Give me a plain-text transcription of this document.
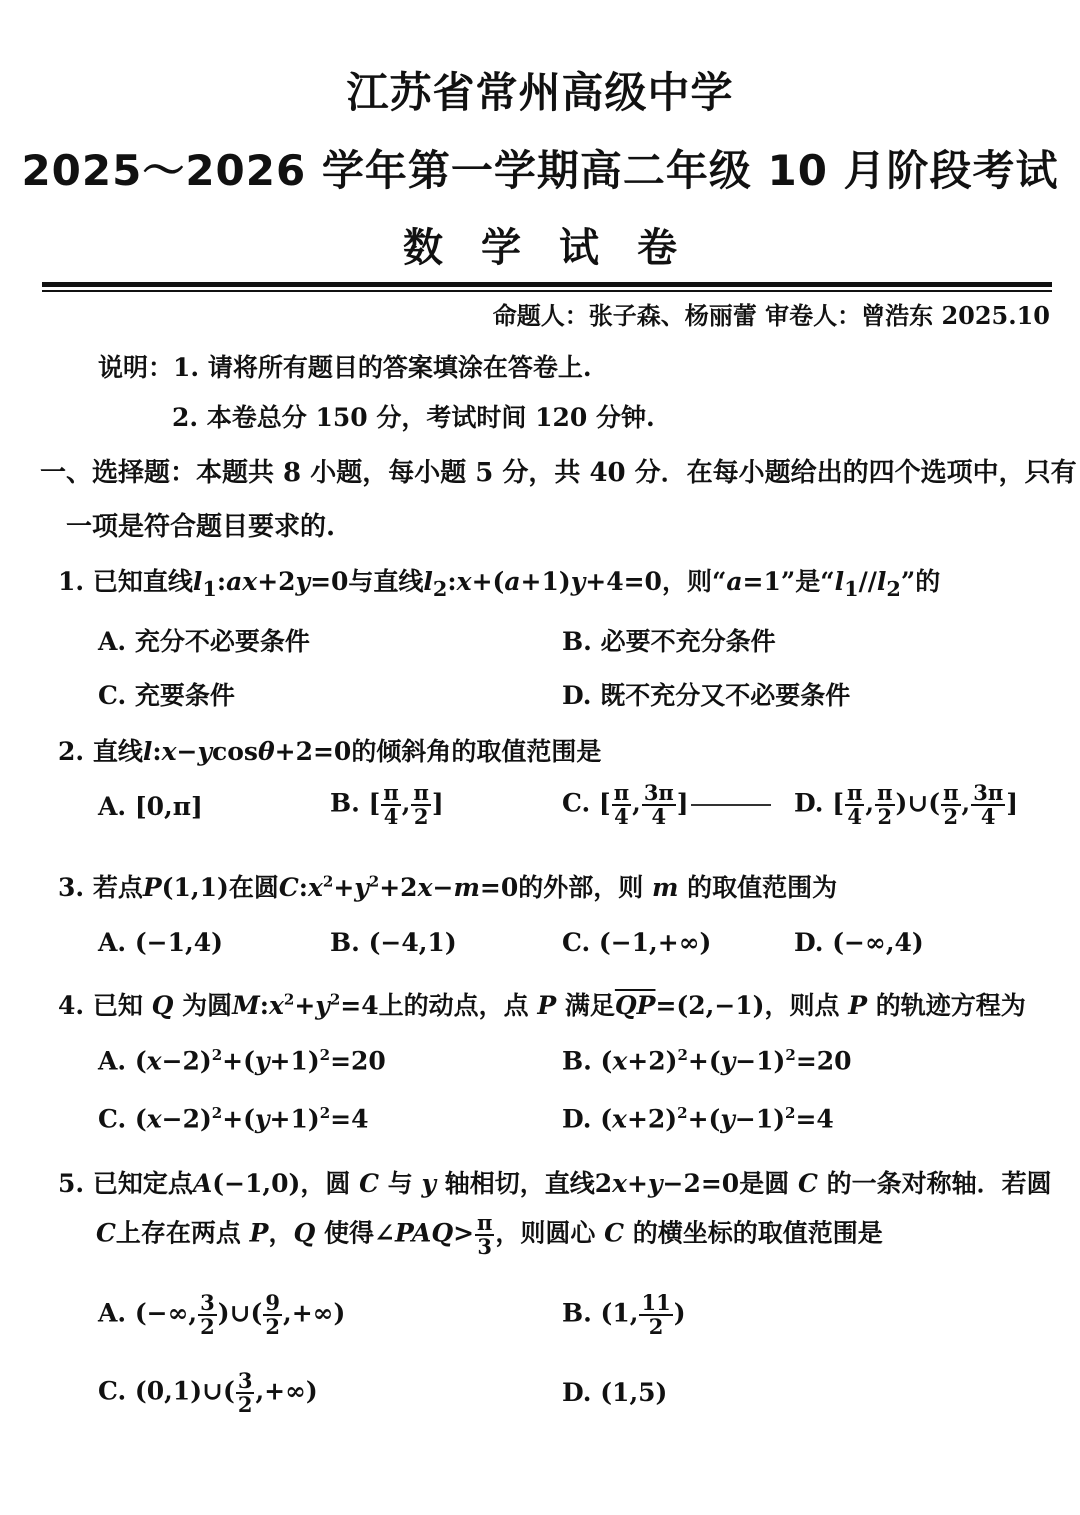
江苏省常州高级中学
2025～2026 学年第一学期高二年级 10 月阶段考试
数学试卷
命题人：张子森、杨丽蕾 审卷人：曾浩东 2025.10
说明：1. 请将所有题目的答案填涂在答卷上.
2. 本卷总分 150 分，考试时间 120 分钟.
一、选择题：本题共 8 小题，每小题 5 分，共 40 分．在每小题给出的四个选项中，只有
一项是符合题目要求的.
1. 已知直线$l_1:ax+2y=0$与直线$l_2:x+(a+1)y+4=0$，则“a=1”是“$l_1//l_2$”的
A. 充分不必要条件	B. 必要不充分条件
C. 充要条件	D. 既不充分又不必要条件
2. 直线l:x−ycosθ+2=0的倾斜角的取值范围是
A. [0,π]	B. [ $\frac{\pi}{4}$ , $\frac{\pi}{2}$ ]	C. [ $\frac{\pi}{4}$ , $\frac{3\pi}{4}$ ]	D. [ $\frac{\pi}{4}$ , $\frac{\pi}{2}$ )∪( $\frac{\pi}{2}$ , $\frac{3\pi}{4}$ ]
3. 若点P(1,1)在圆$C:x^2+y^2+2x-m=0$的外部，则 m 的取值范围为
A. (−1,4)	B. (−4,1)	C. (−1,+∞)	D. (−∞,4)
4. 已知 Q 为圆$M:x^2+y^2=4$上的动点，点 P 满足$\overline{QP}=(2,-1)$，则点 P 的轨迹方程为
A. $(x-2)^2+(y+1)^2=20$	B. $(x+2)^2+(y-1)^2=20$
C. $(x-2)^2+(y+1)^2=4$	D. $(x+2)^2+(y-1)^2=4$
5. 已知定点A(−1,0)，圆 C 与 y 轴相切，直线2x+y−2=0是圆 C 的一条对称轴．若圆
C上存在两点 P，Q 使得∠PAQ> $\frac{\pi}{3}$ ，则圆心 C 的横坐标的取值范围是
A. (−∞, $\frac{3}{2}$ )∪( $\frac{9}{2}$ ,+∞)	B. (1, $\frac{11}{2}$ )
C. (0,1)∪( $\frac{3}{2}$ ,+∞)	D. (1,5)
